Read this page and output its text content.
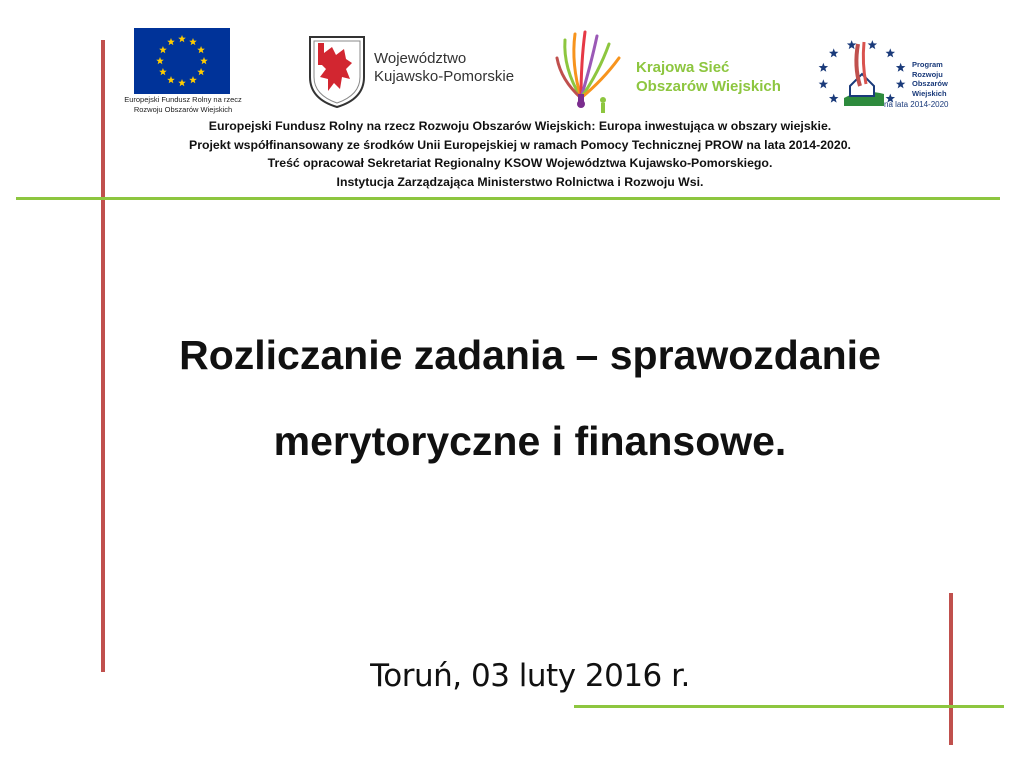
Europejski Fundusz Rolny na rzecz
Rozwoju Obszarów Wiejskich
Województwo
Kujawsko-Pomorskie
Krajowa Sieć
Obszarów Wiejskich
Program
Rozwoju
Obszarów
Wiejskich
na lata 2014-2020
Europejski Fundusz Rolny na rzecz Rozwoju Obszarów Wiejskich: Europa inwestująca w obszary wiejskie.
Projekt współfinansowany ze środków Unii Europejskiej w ramach Pomocy Technicznej PROW na lata 2014-2020.
Treść opracował Sekretariat Regionalny KSOW Województwa Kujawsko-Pomorskiego.
Instytucja Zarządzająca Ministerstwo Rolnictwa i Rozwoju Wsi.
Rozliczanie zadania – sprawozdanie
merytoryczne i finansowe.
Toruń, 03 luty 2016 r.
